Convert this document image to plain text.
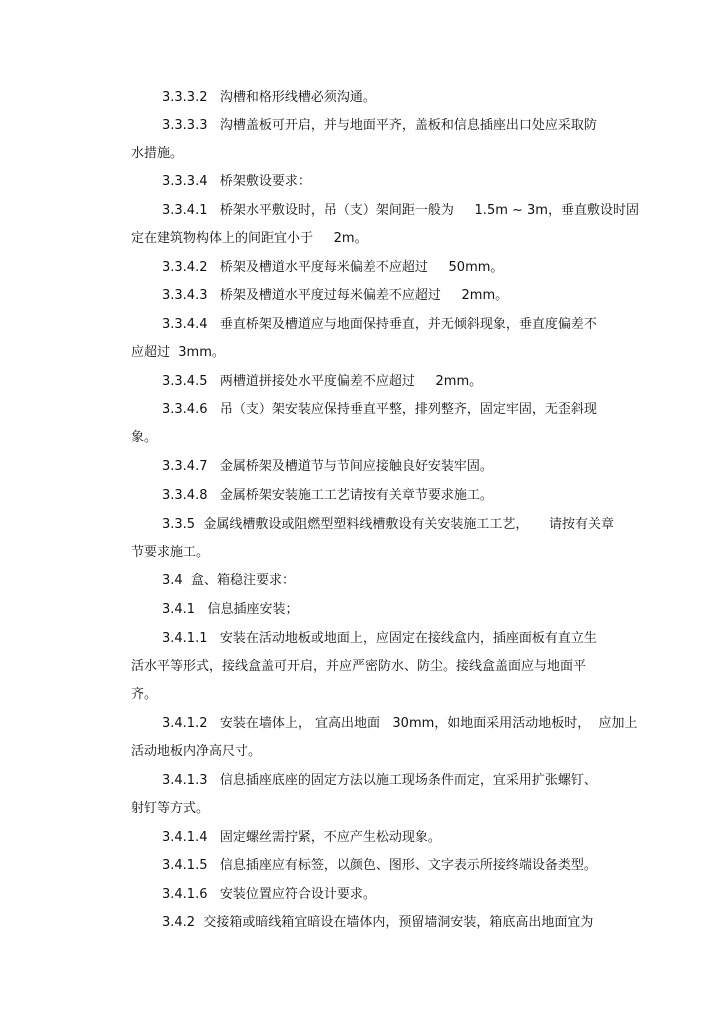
3.3.3.2   沟槽和格形线槽必须沟通。
3.3.3.3   沟槽盖板可开启，并与地面平齐，盖板和信息插座出口处应采取防
水措施。
3.3.3.4   桥架敷设要求：
3.3.4.1   桥架水平敷设时，吊（支）架间距一般为     1.5m ~ 3m，垂直敷设时固
定在建筑物构体上的间距宜小于     2m。
3.3.4.2   桥架及槽道水平度每米偏差不应超过     50mm。
3.3.4.3   桥架及槽道水平度过每米偏差不应超过     2mm。
3.3.4.4   垂直桥架及槽道应与地面保持垂直，并无倾斜现象，垂直度偏差不
应超过  3mm。
3.3.4.5   两槽道拼接处水平度偏差不应超过     2mm。
3.3.4.6   吊（支）架安装应保持垂直平整，排列整齐，固定牢固，无歪斜现
象。
3.3.4.7   金属桥架及槽道节与节间应接触良好安装牢固。
3.3.4.8   金属桥架安装施工工艺请按有关章节要求施工。
3.3.5  金属线槽敷设或阻燃型塑料线槽敷设有关安装施工工艺，     请按有关章
节要求施工。
3.4  盒、箱稳注要求：
3.4.1   信息插座安装；
3.4.1.1   安装在活动地板或地面上，应固定在接线盒内，插座面板有直立生
活水平等形式，接线盒盖可开启，并应严密防水、防尘。接线盒盖面应与地面平
齐。
3.4.1.2   安装在墙体上， 宜高出地面   30mm，如地面采用活动地板时，  应加上
活动地板内净高尺寸。
3.4.1.3   信息插座底座的固定方法以施工现场条件而定，宜采用扩张螺钉、
射钉等方式。
3.4.1.4   固定螺丝需拧紧，不应产生松动现象。
3.4.1.5   信息插座应有标签，以颜色、图形、文字表示所接终端设备类型。
3.4.1.6   安装位置应符合设计要求。
3.4.2  交接箱或暗线箱宜暗设在墙体内，预留墙洞安装，箱底高出地面宜为
